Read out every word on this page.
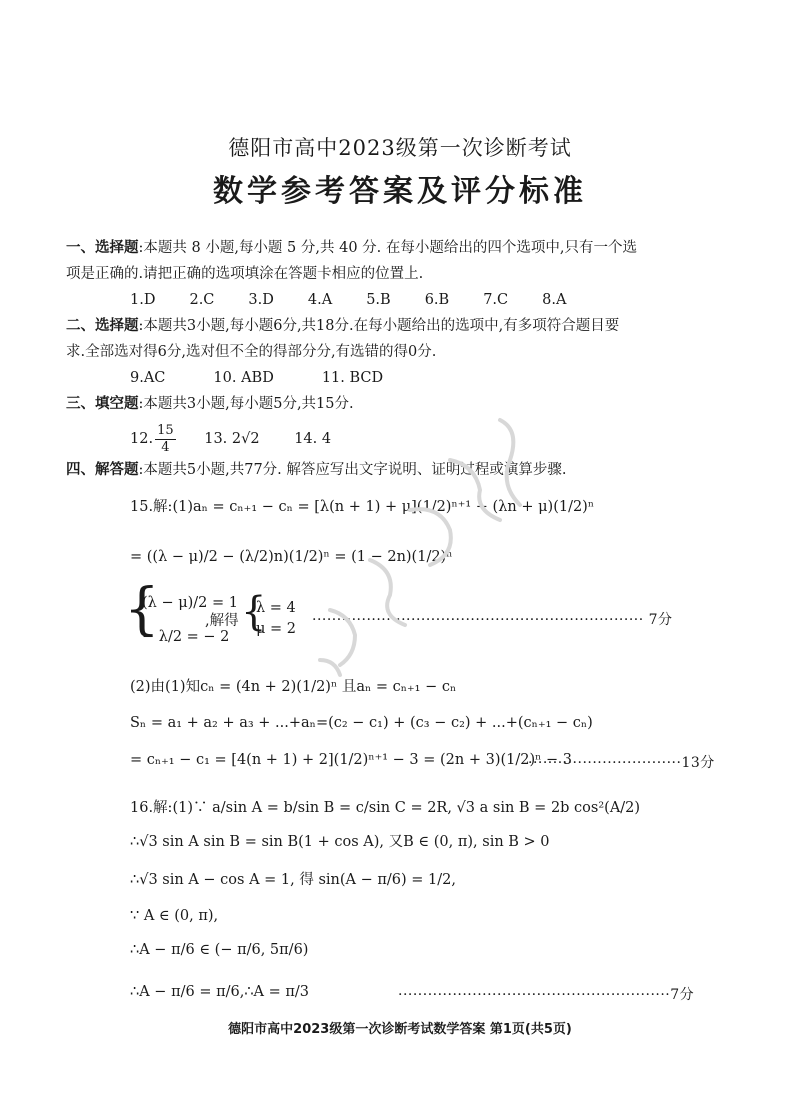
德阳市高中2023级第一次诊断考试
数学参考答案及评分标准
一、选择题:本题共 8 小题,每小题 5 分,共 40 分. 在每小题给出的四个选项中,只有一个选
项是正确的.请把正确的选项填涂在答题卡相应的位置上.
1.D 2.C 3.D 4.A 5.B 6.B 7.C 8.A
二、选择题:本题共3小题,每小题6分,共18分.在每小题给出的选项中,有多项符合题目要
求.全部选对得6分,选对但不全的得部分分,有选错的得0分.
9.AC	10. ABD	11. BCD
三、填空题:本题共3小题,每小题5分,共15分.
12. $\frac{15}{4} 13$. 2√2 14. 4
四、解答题:本题共5小题,共77分. 解答应写出文字说明、证明过程或演算步骤.
15.解:(1)aₙ = cₙ₊₁ − cₙ = [λ(n + 1) + μ](1/2)ⁿ⁺¹ − (λn + μ)(1/2)ⁿ
= ((λ − μ)/2 − (λ/2)n)(1/2)ⁿ = (1 − 2n)(1/2)ⁿ
{
(λ − μ)/2 = 1
− λ/2 = − 2
,解得 {
λ = 4
μ = 2
··································································· 7分
(2)由(1)知cₙ = (4n + 2)(1/2)ⁿ 且aₙ = cₙ₊₁ − cₙ
Sₙ = a₁ + a₂ + a₃ + ...+aₙ=(c₂ − c₁) + (c₃ − c₂) + ...+(cₙ₊₁ − cₙ)
= cₙ₊₁ − c₁ = [4(n + 1) + 2](1/2)ⁿ⁺¹ − 3 = (2n + 3)(1/2)ⁿ − 3
·······························13分
16.解:(1)∵ a/sin A = b/sin B = c/sin C = 2R, √3 a sin B = 2b cos²(A/2)
∴√3 sin A sin B = sin B(1 + cos A), 又B ∈ (0, π), sin B > 0
∴√3 sin A − cos A = 1, 得 sin(A − π/6) = 1/2,
∵ A ∈ (0, π),
∴A − π/6 ∈ (− π/6, 5π/6)
∴A − π/6 = π/6,∴A = π/3	·······················································7分
德阳市高中2023级第一次诊断考试数学答案 第1页(共5页)
